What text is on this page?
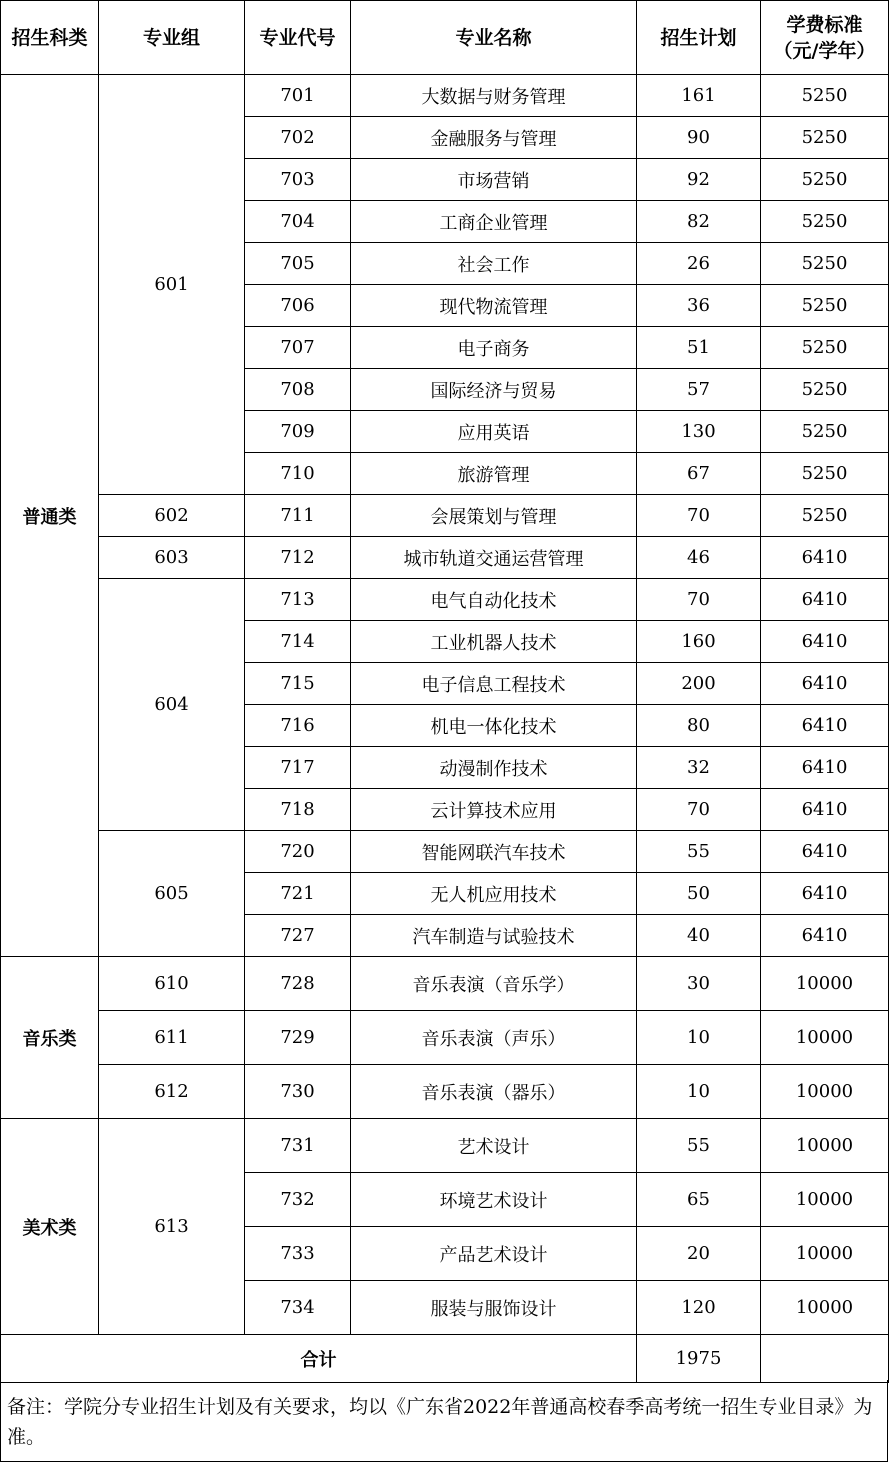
招生科类	专业组	专业代号	专业名称	招生计划	学费标准
（元/学年）
普通类	601	701	大数据与财务管理	161	5250
		702	金融服务与管理	90	5250
		703	市场营销	92	5250
		704	工商企业管理	82	5250
		705	社会工作	26	5250
		706	现代物流管理	36	5250
		707	电子商务	51	5250
		708	国际经济与贸易	57	5250
		709	应用英语	130	5250
		710	旅游管理	67	5250
	602	711	会展策划与管理	70	5250
	603	712	城市轨道交通运营管理	46	6410
	604	713	电气自动化技术	70	6410
		714	工业机器人技术	160	6410
		715	电子信息工程技术	200	6410
		716	机电一体化技术	80	6410
		717	动漫制作技术	32	6410
		718	云计算技术应用	70	6410
	605	720	智能网联汽车技术	55	6410
		721	无人机应用技术	50	6410
		727	汽车制造与试验技术	40	6410
音乐类	610	728	音乐表演（音乐学）	30	10000
	611	729	音乐表演（声乐）	10	10000
	612	730	音乐表演（器乐）	10	10000
美术类	613	731	艺术设计	55	10000
		732	环境艺术设计	65	10000
		733	产品艺术设计	20	10000
		734	服装与服饰设计	120	10000
合计				1975	
备注：学院分专业招生计划及有关要求，均以《广东省2022年普通高校春季高考统一招生专业目录》为准。
